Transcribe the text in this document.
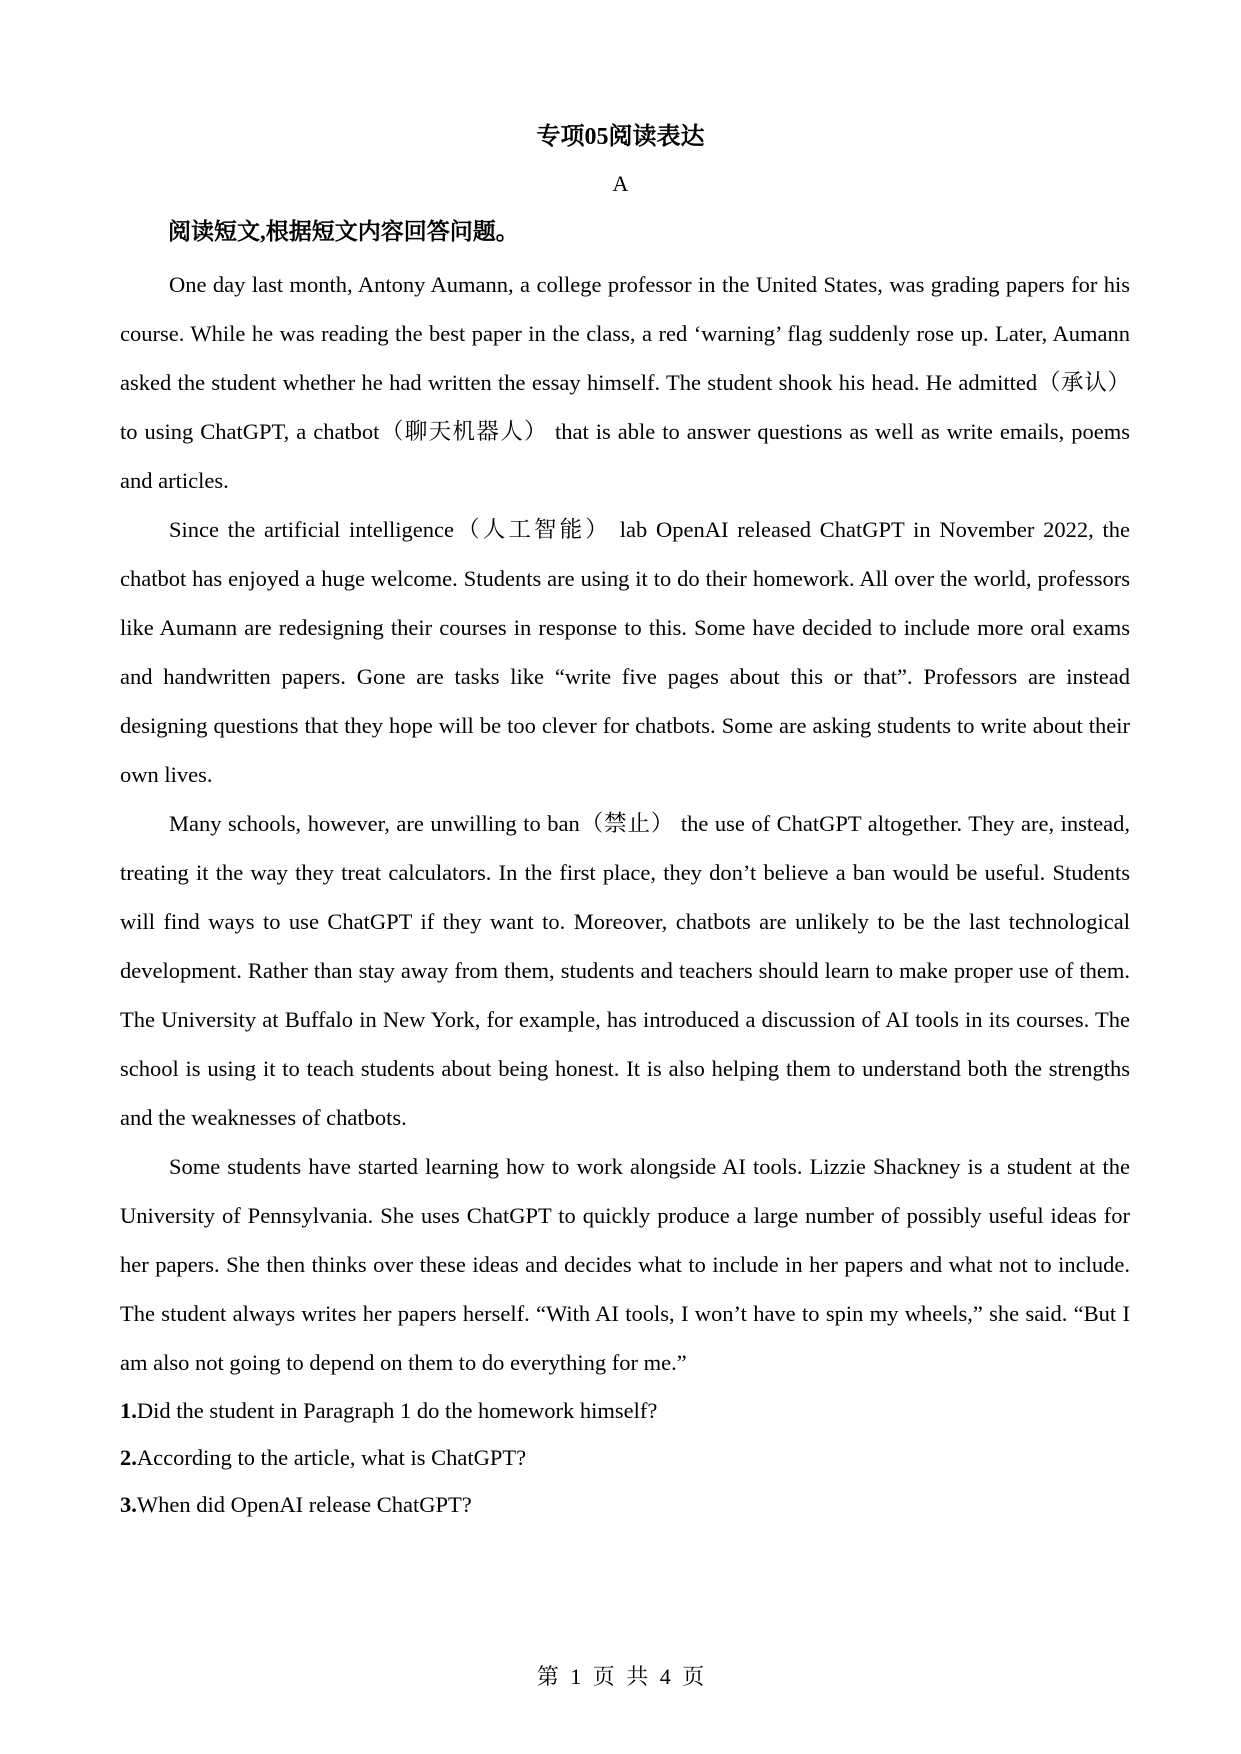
专项05阅读表达
A
阅读短文,根据短文内容回答问题。

One day last month, Antony Aumann, a college professor in the United States, was grading papers for his course. While he was reading the best paper in the class, a red ‘warning’ flag suddenly rose up. Later, Aumann asked the student whether he had written the essay himself. The student shook his head. He admitted（承认） to using ChatGPT, a chatbot（聊天机器人） that is able to answer questions as well as write emails, poems and articles.

Since the artificial intelligence（人工智能） lab OpenAI released ChatGPT in November 2022, the chatbot has enjoyed a huge welcome. Students are using it to do their homework. All over the world, professors like Aumann are redesigning their courses in response to this. Some have decided to include more oral exams and handwritten papers. Gone are tasks like “write five pages about this or that”. Professors are instead designing questions that they hope will be too clever for chatbots. Some are asking students to write about their own lives.

Many schools, however, are unwilling to ban（禁止） the use of ChatGPT altogether. They are, instead, treating it the way they treat calculators. In the first place, they don’t believe a ban would be useful. Students will find ways to use ChatGPT if they want to. Moreover, chatbots are unlikely to be the last technological development. Rather than stay away from them, students and teachers should learn to make proper use of them. The University at Buffalo in New York, for example, has introduced a discussion of AI tools in its courses. The school is using it to teach students about being honest. It is also helping them to understand both the strengths and the weaknesses of chatbots.

Some students have started learning how to work alongside AI tools. Lizzie Shackney is a student at the University of Pennsylvania. She uses ChatGPT to quickly produce a large number of possibly useful ideas for her papers. She then thinks over these ideas and decides what to include in her papers and what not to include. The student always writes her papers herself. “With AI tools, I won’t have to spin my wheels,” she said. “But I am also not going to depend on them to do everything for me.”

1.Did the student in Paragraph 1 do the homework himself?
2.According to the article, what is ChatGPT?
3.When did OpenAI release ChatGPT?
第 1 页 共 4 页
